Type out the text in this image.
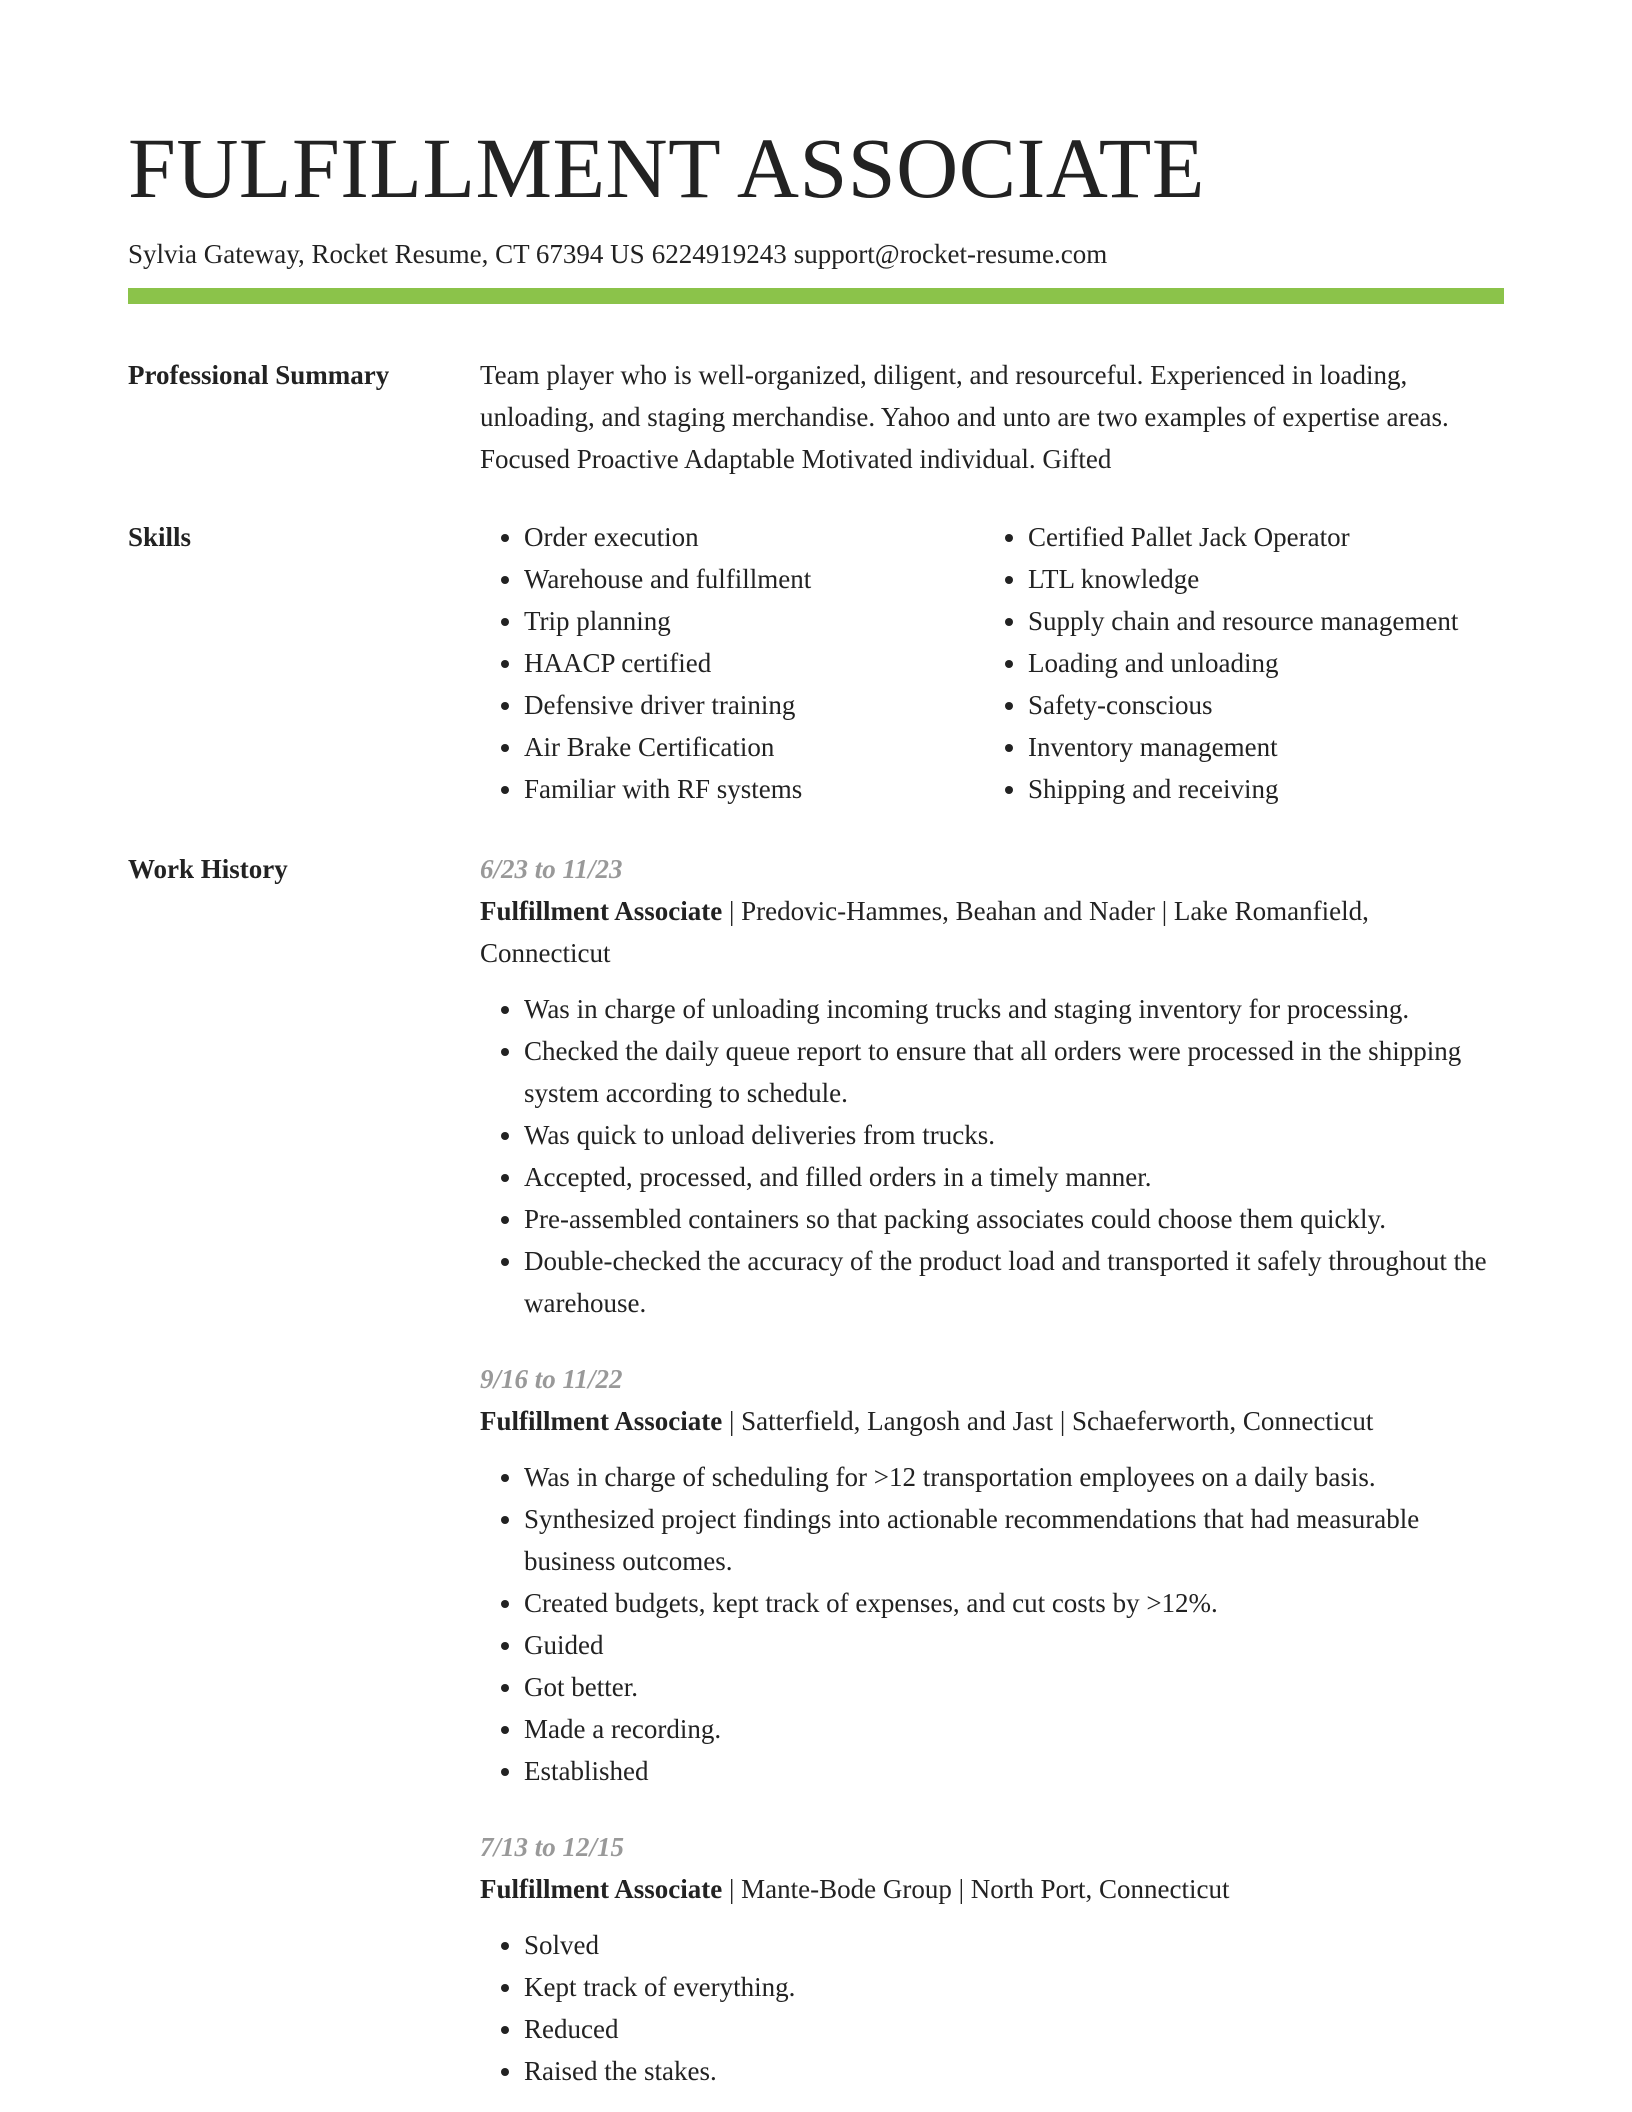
FULFILLMENT ASSOCIATE
Sylvia Gateway, Rocket Resume, CT 67394 US 6224919243 support@rocket-resume.com
Professional Summary	Team player who is well-organized, diligent, and resourceful. Experienced in loading, unloading, and staging merchandise. Yahoo and unto are two examples of expertise areas. Focused Proactive Adaptable Motivated individual. Gifted
Skills
•	Order execution
• Warehouse and fulfillment
• Trip planning
• HAACP certified
• Defensive driver training
• Air Brake Certification
• Familiar with RF systems
• Certified Pallet Jack Operator
• LTL knowledge
• Supply chain and resource management
• Loading and unloading
• Safety-conscious
• Inventory management
• Shipping and receiving
Work History	6/23 to 11/23
Fulfillment Associate | Predovic-Hammes, Beahan and Nader | Lake Romanfield, Connecticut
• Was in charge of unloading incoming trucks and staging inventory for processing.
• Checked the daily queue report to ensure that all orders were processed in the shipping system according to schedule.
• Was quick to unload deliveries from trucks.
• Accepted, processed, and filled orders in a timely manner.
• Pre-assembled containers so that packing associates could choose them quickly.
• Double-checked the accuracy of the product load and transported it safely throughout the warehouse.
9/16 to 11/22
Fulfillment Associate | Satterfield, Langosh and Jast | Schaeferworth, Connecticut
• Was in charge of scheduling for >12 transportation employees on a daily basis.
• Synthesized project findings into actionable recommendations that had measurable business outcomes.
• Created budgets, kept track of expenses, and cut costs by >12%.
• Guided
• Got better.
• Made a recording.
• Established
7/13 to 12/15
Fulfillment Associate | Mante-Bode Group | North Port, Connecticut
• Solved
• Kept track of everything.
• Reduced
• Raised the stakes.
